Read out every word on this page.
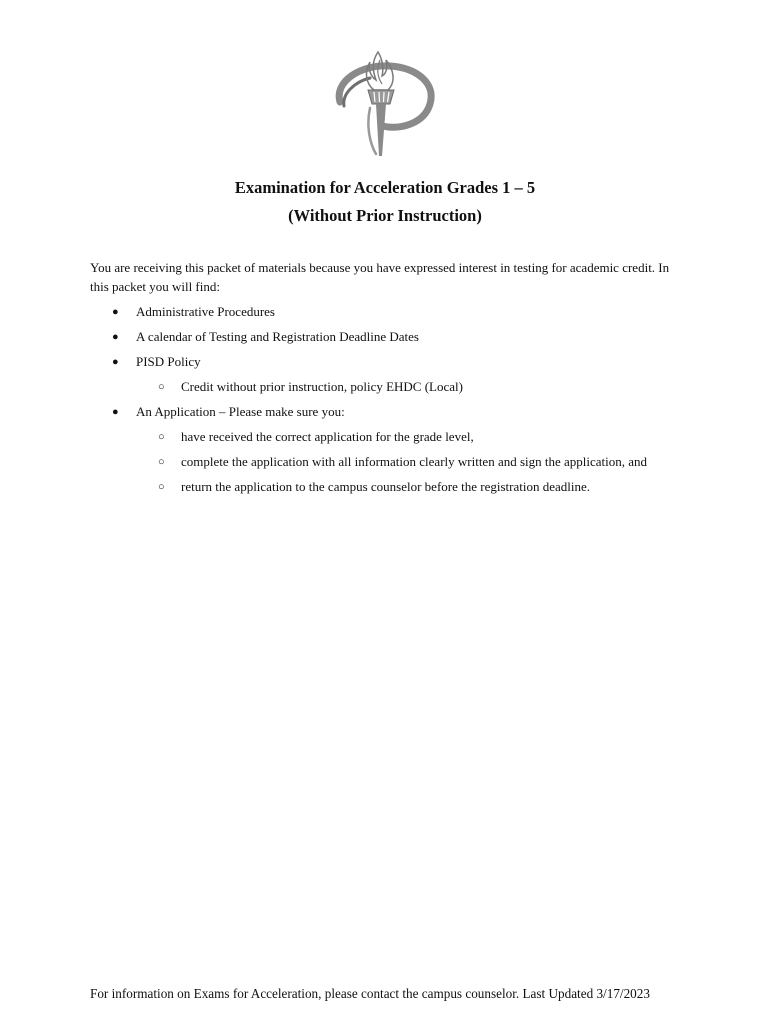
Examination for Acceleration Grades 1 – 5

(Without Prior Instruction)

You are receiving this packet of materials because you have expressed interest in testing for academic credit. In this packet you will find:

● Administrative Procedures
● A calendar of Testing and Registration Deadline Dates
● PISD Policy
○ Credit without prior instruction, policy EHDC (Local)
● An Application – Please make sure you:
○ have received the correct application for the grade level,
○ complete the application with all information clearly written and sign the application, and
○ return the application to the campus counselor before the registration deadline.

For information on Exams for Acceleration, please contact the campus counselor. Last Updated 3/17/2023
